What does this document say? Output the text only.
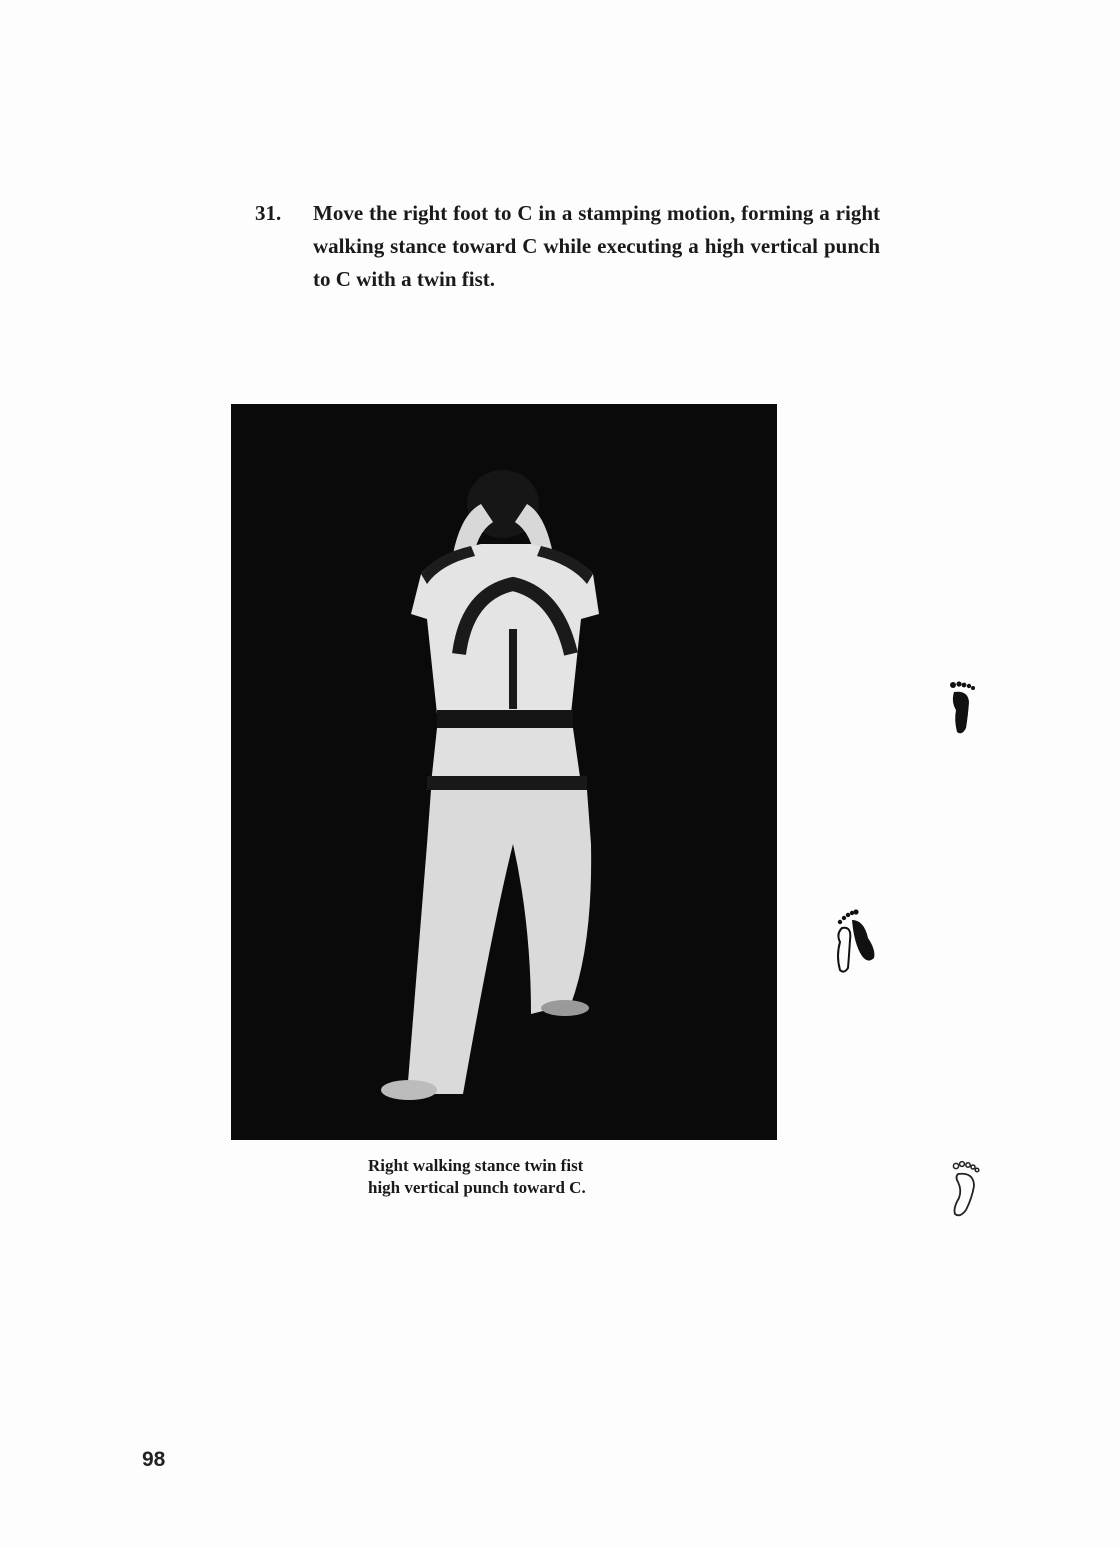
31.	Move the right foot to C in a stamping motion, forming a right walking stance toward C while executing a high vertical punch to C with a twin fist.
Right walking stance twin fist
high vertical punch toward C.
98
